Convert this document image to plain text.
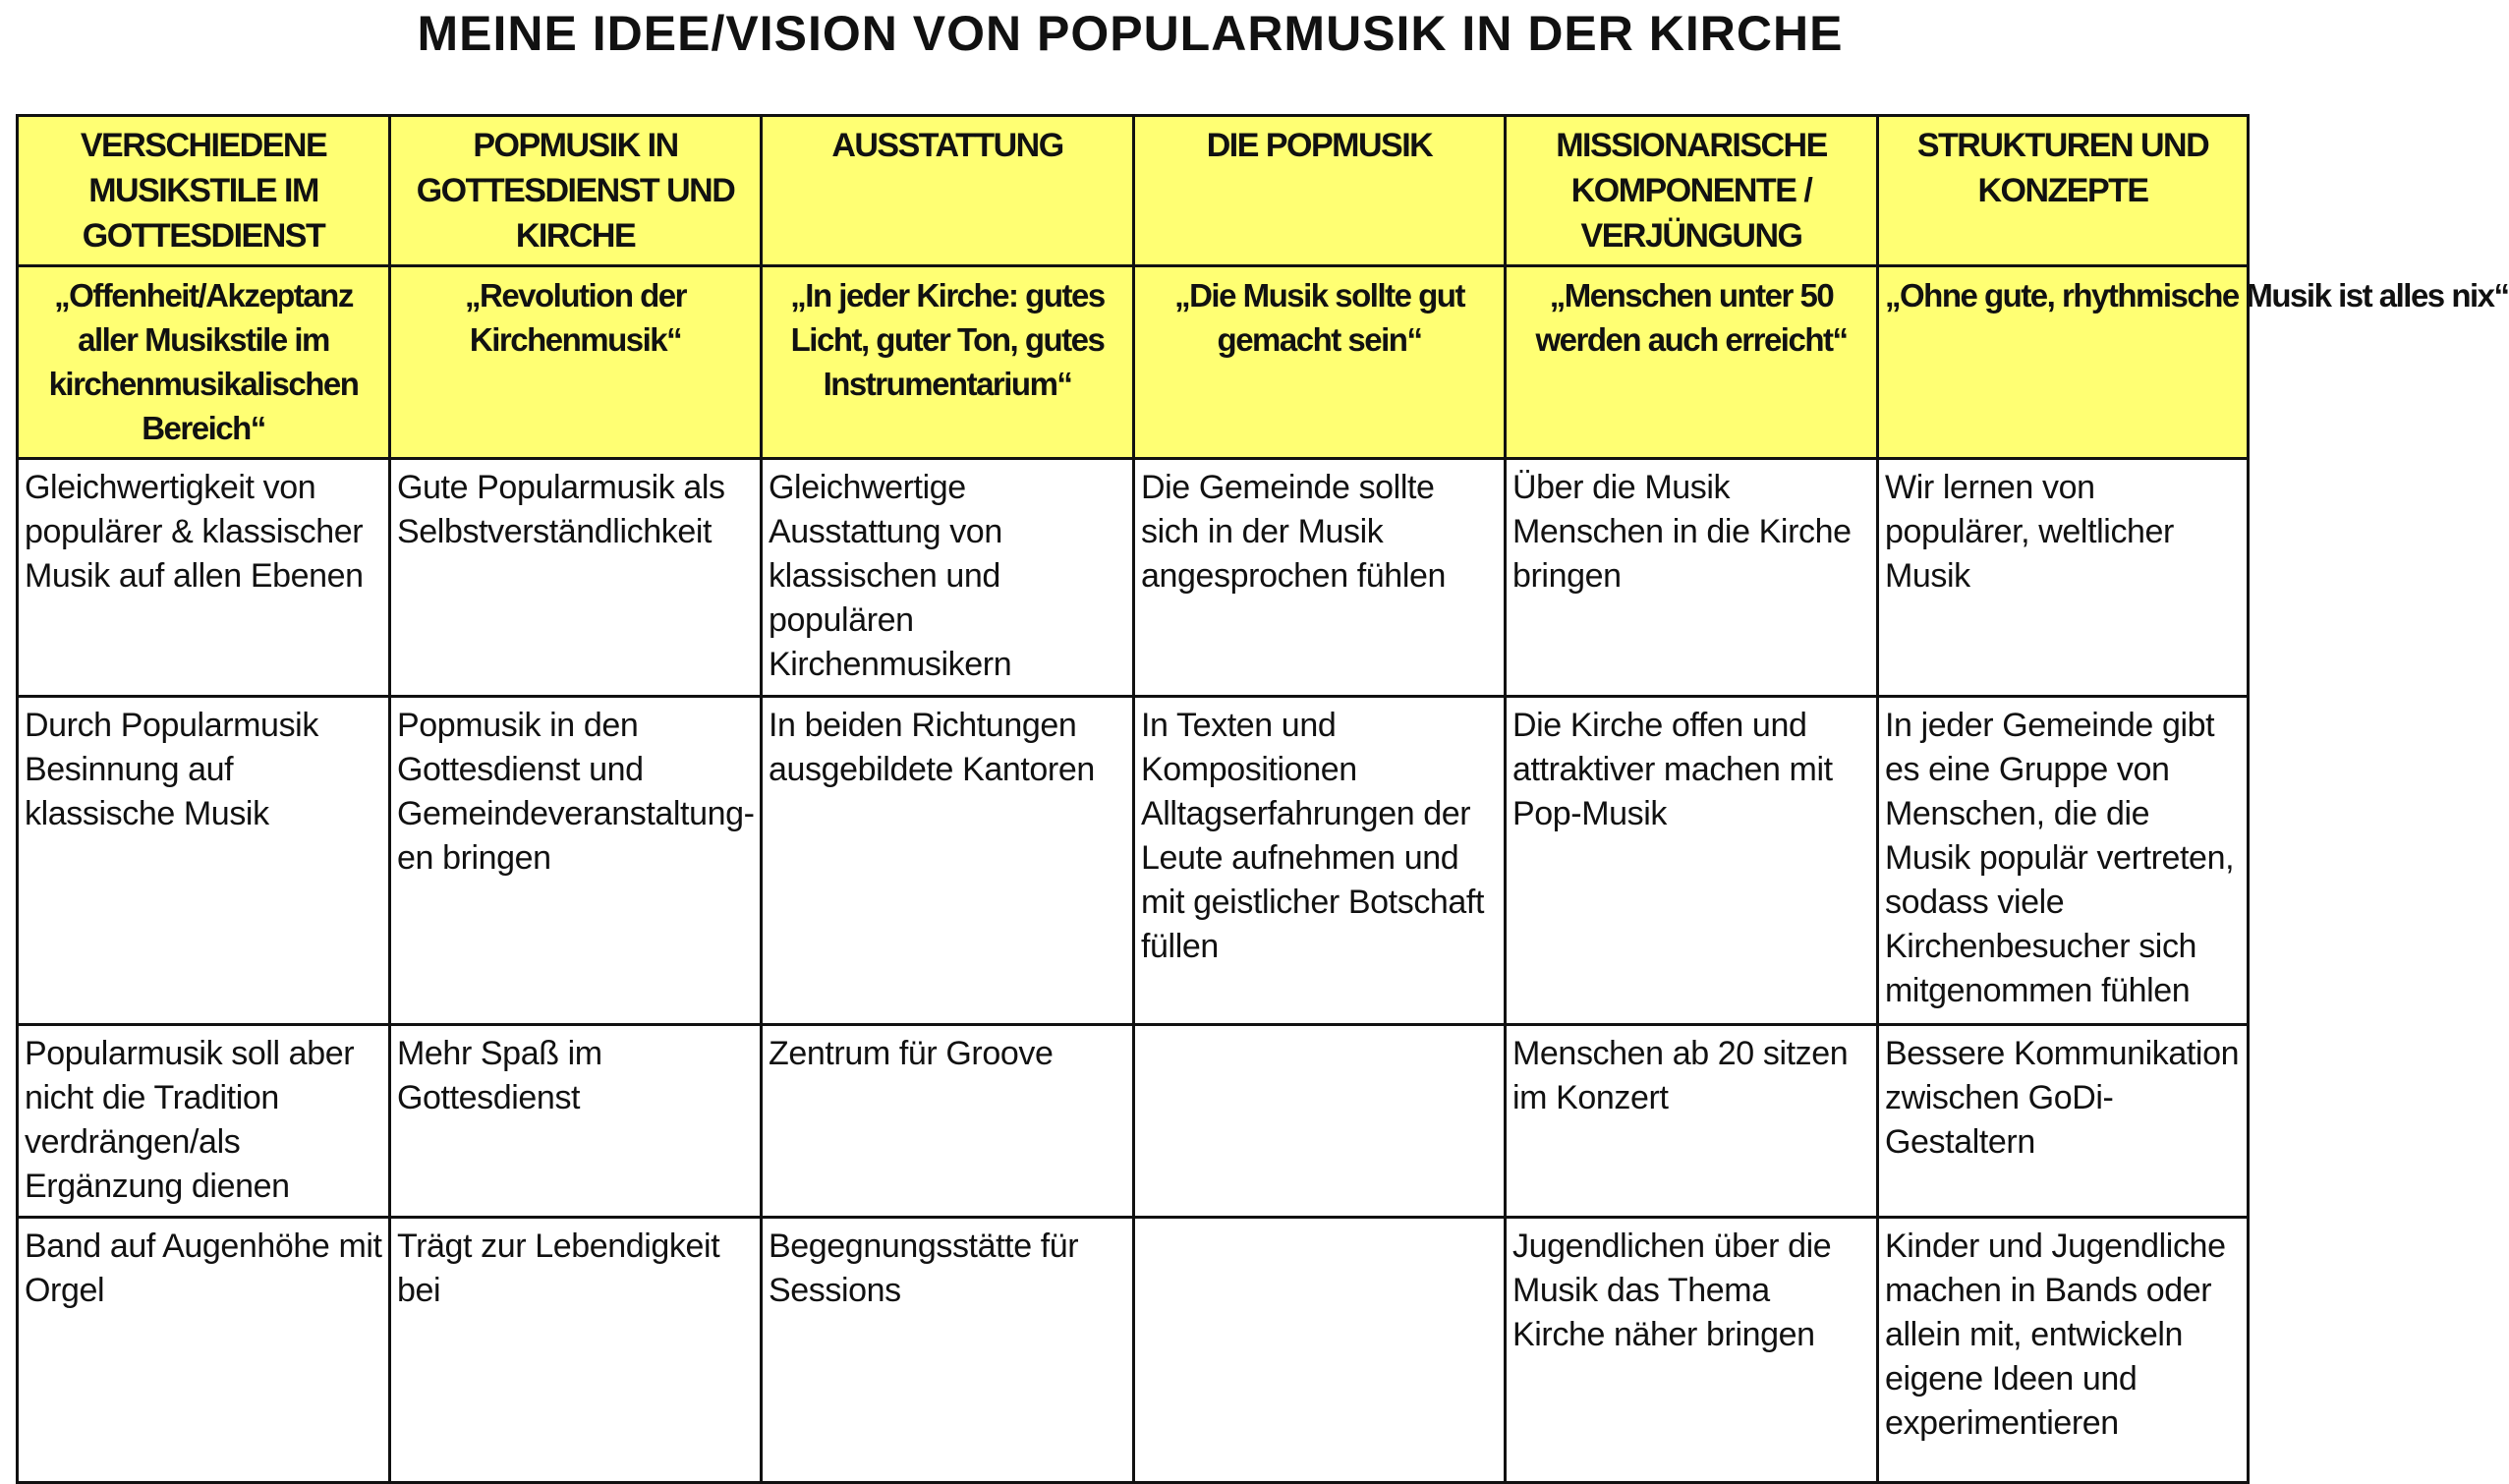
MEINE IDEE/VISION VON POPULARMUSIK IN DER KIRCHE
VERSCHIEDENE MUSIKSTILE IM GOTTESDIENST	POPMUSIK IN GOTTESDIENST UND KIRCHE	AUSSTATTUNG	DIE POPMUSIK	MISSIONARISCHE KOMPONENTE / VERJÜNGUNG	STRUKTUREN UND KONZEPTE
„Offenheit/Akzeptanz aller Musikstile im kirchenmusikalischen Bereich“	„Revolution der Kirchenmusik“	„In jeder Kirche: gutes Licht, guter Ton, gutes Instrumentarium“	„Die Musik sollte gut gemacht sein“	„Menschen unter 50 werden auch erreicht“	„Ohne gute, rhythmische Musik ist alles nix“
Gleichwertigkeit von populärer & klassischer Musik auf allen Ebenen	Gute Popularmusik als Selbstverständlichkeit	Gleichwertige Ausstattung von klassischen und populären Kirchenmusikern	Die Gemeinde sollte sich in der Musik angesprochen fühlen	Über die Musik Menschen in die Kirche bringen	Wir lernen von populärer, weltlicher Musik
Durch Popularmusik Besinnung auf klassische Musik	Popmusik in den Gottesdienst und Gemeindeveranstaltung-en bringen	In beiden Richtungen ausgebildete Kantoren	In Texten und Kompositionen Alltagserfahrungen der Leute aufnehmen und mit geistlicher Botschaft füllen	Die Kirche offen und attraktiver machen mit Pop-Musik	In jeder Gemeinde gibt es eine Gruppe von Menschen, die die Musik populär vertreten, sodass viele Kirchenbesucher sich mitgenommen fühlen
Popularmusik soll aber nicht die Tradition verdrängen/als Ergänzung dienen	Mehr Spaß im Gottesdienst	Zentrum für Groove		Menschen ab 20 sitzen im Konzert	Bessere Kommunikation zwischen GoDi-Gestaltern
Band auf Augenhöhe mit Orgel	Trägt zur Lebendigkeit bei	Begegnungsstätte für Sessions		Jugendlichen über die Musik das Thema Kirche näher bringen	Kinder und Jugendliche machen in Bands oder allein mit, entwickeln eigene Ideen und experimentieren
